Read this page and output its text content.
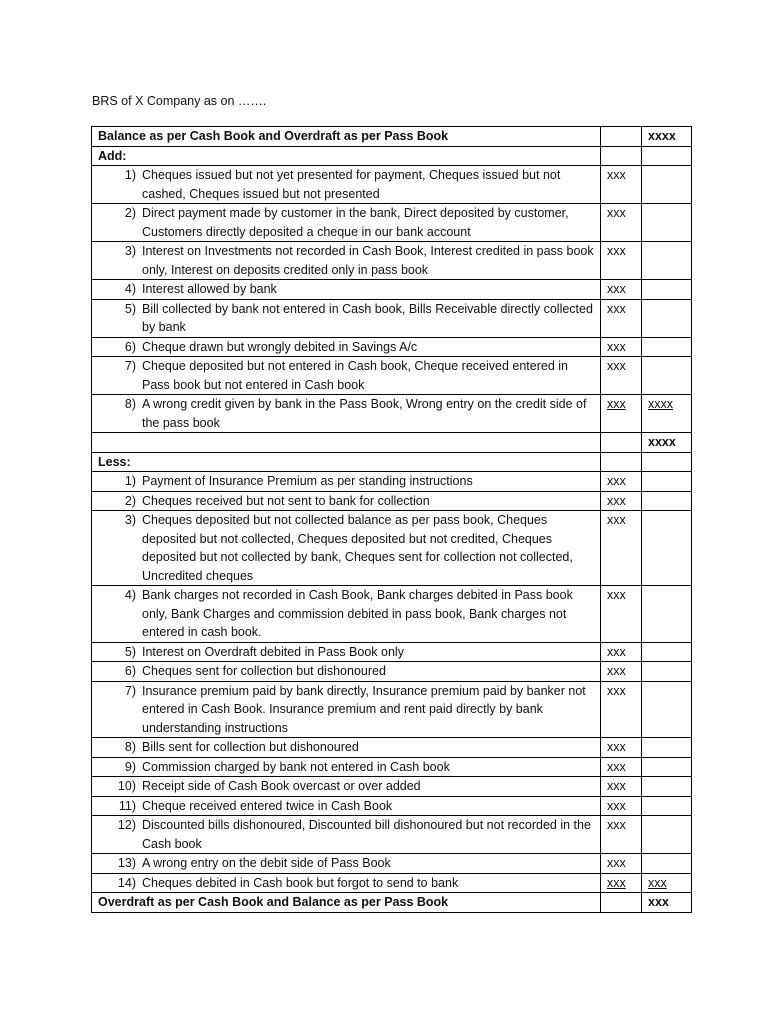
BRS of X Company as on …….
Balance as per Cash Book and Overdraft as per Pass Book		xxxx
Add:		

1) Cheques issued but not yet presented for payment, Cheques issued but not cashed, Cheques issued but not presented	xxx	

2) Direct payment made by customer in the bank, Direct deposited by customer, Customers directly deposited a cheque in our bank account	xxx	

3) Interest on Investments not recorded in Cash Book, Interest credited in pass book only, Interest on deposits credited only in pass book	xxx	

4) Interest allowed by bank	xxx	

5) Bill collected by bank not entered in Cash book, Bills Receivable directly collected by bank	xxx	

6) Cheque drawn but wrongly debited in Savings A/c	xxx	

7) Cheque deposited but not entered in Cash book, Cheque received entered in Pass book but not entered in Cash book	xxx	

8) A wrong credit given by bank in the Pass Book, Wrong entry on the credit side of the pass book	xxx	xxxx
		xxxx
Less:		

1) Payment of Insurance Premium as per standing instructions	xxx	

2) Cheques received but not sent to bank for collection	xxx	

3) Cheques deposited but not collected balance as per pass book, Cheques deposited but not collected, Cheques deposited but not credited, Cheques deposited but not collected by bank, Cheques sent for collection not collected, Uncredited cheques	xxx	

4) Bank charges not recorded in Cash Book, Bank charges debited in Pass book only, Bank Charges and commission debited in pass book, Bank charges not entered in cash book.	xxx	

5) Interest on Overdraft debited in Pass Book only	xxx	

6) Cheques sent for collection but dishonoured	xxx	

7) Insurance premium paid by bank directly, Insurance premium paid by banker not entered in Cash Book. Insurance premium and rent paid directly by bank understanding instructions	xxx	

8) Bills sent for collection but dishonoured	xxx	

9) Commission charged by bank not entered in Cash book	xxx	

10) Receipt side of Cash Book overcast or over added	xxx	

11) Cheque received entered twice in Cash Book	xxx	

12) Discounted bills dishonoured, Discounted bill dishonoured but not recorded in the Cash book	xxx	

13) A wrong entry on the debit side of Pass Book	xxx	

14) Cheques debited in Cash book but forgot to send to bank	xxx	xxx
Overdraft as per Cash Book and Balance as per Pass Book		xxx
